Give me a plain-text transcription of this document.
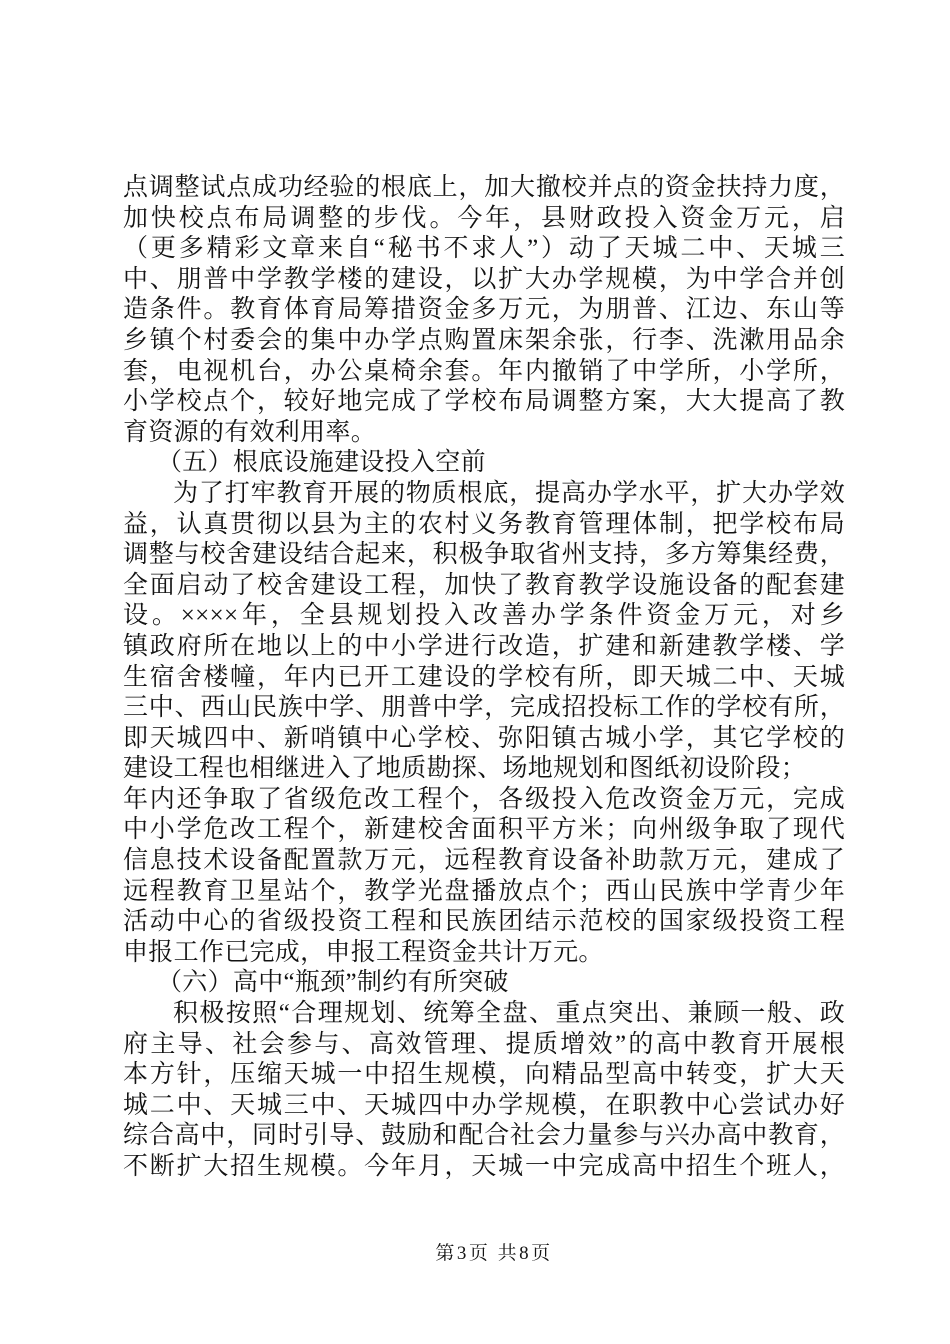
点调整试点成功经验的根底上，加大撤校并点的资金扶持力度，
加快校点布局调整的步伐。今年，县财政投入资金万元，启
（更多精彩文章来自“秘书不求人”）动了天城二中、天城三
中、朋普中学教学楼的建设，以扩大办学规模，为中学合并创
造条件。教育体育局筹措资金多万元，为朋普、江边、东山等
乡镇个村委会的集中办学点购置床架余张，行李、洗漱用品余
套，电视机台，办公桌椅余套。年内撤销了中学所，小学所，
小学校点个，较好地完成了学校布局调整方案，大大提高了教
育资源的有效利用率。
（五）根底设施建设投入空前
为了打牢教育开展的物质根底，提高办学水平，扩大办学效
益，认真贯彻以县为主的农村义务教育管理体制，把学校布局
调整与校舍建设结合起来，积极争取省州支持，多方筹集经费，
全面启动了校舍建设工程，加快了教育教学设施设备的配套建
设。××××年，全县规划投入改善办学条件资金万元，对乡
镇政府所在地以上的中小学进行改造，扩建和新建教学楼、学
生宿舍楼幢，年内已开工建设的学校有所，即天城二中、天城
三中、西山民族中学、朋普中学，完成招投标工作的学校有所，
即天城四中、新哨镇中心学校、弥阳镇古城小学，其它学校的
建设工程也相继进入了地质勘探、场地规划和图纸初设阶段；
年内还争取了省级危改工程个，各级投入危改资金万元，完成
中小学危改工程个，新建校舍面积平方米；向州级争取了现代
信息技术设备配置款万元，远程教育设备补助款万元，建成了
远程教育卫星站个，教学光盘播放点个；西山民族中学青少年
活动中心的省级投资工程和民族团结示范校的国家级投资工程
申报工作已完成，申报工程资金共计万元。
（六）高中“瓶颈”制约有所突破
积极按照“合理规划、统筹全盘、重点突出、兼顾一般、政
府主导、社会参与、高效管理、提质增效”的高中教育开展根
本方针，压缩天城一中招生规模，向精品型高中转变，扩大天
城二中、天城三中、天城四中办学规模，在职教中心尝试办好
综合高中，同时引导、鼓励和配合社会力量参与兴办高中教育，
不断扩大招生规模。今年月，天城一中完成高中招生个班人，
第3页 共8页
